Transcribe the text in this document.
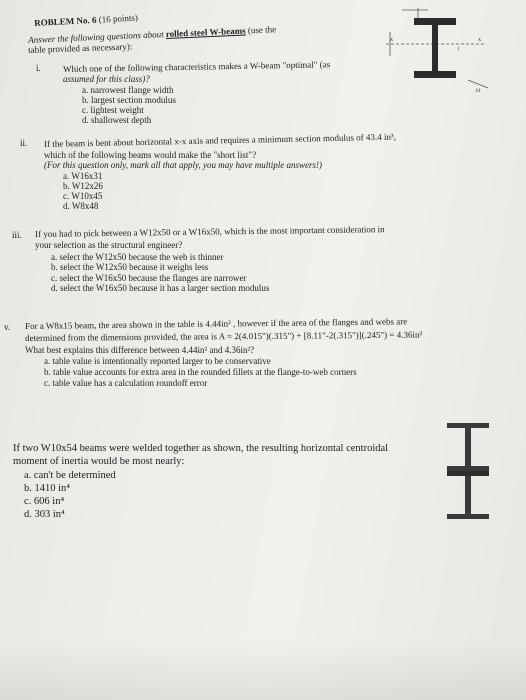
ROBLEM No. 6 (16 points)
Answer the following questions about rolled steel W-beams (use the
table provided as necessary):
i. Which one of the following characteristics makes a W-beam "optimal" (as
assumed for this class)?
a. narrowest flange width
b. largest section modulus
c. lightest weight
d. shallowest depth
x	x
t
bf
ii. If the beam is bent about horizontal x-x axis and requires a minimum section modulus of 43.4 in³,
which of the following beams would make the "short list"?
(For this question only, mark all that apply, you may have multiple answers!)
a. W16x31
b. W12x26
c. W10x45
d. W8x48
iii. If you had to pick between a W12x50 or a W16x50, which is the most important consideration in
your selection as the structural engineer?
a. select the W12x50 because the web is thinner
b. select the W12x50 because it weighs less
c. select the W16x50 because the flanges are narrower
d. select the W16x50 because it has a larger section modulus
v. For a W8x15 beam, the area shown in the table is 4.44in² , however if the area of the flanges and webs are
determined from the dimensions provided, the area is A = 2(4.015")(.315") + [8.11"-2(.315")](.245") = 4.36in²
What best explains this difference between 4.44in² and 4.36in²?
a. table value is intentionally reported larger to be conservative
b. table value accounts for extra area in the rounded fillets at the flange-to-web corners
c. table value has a calculation roundoff error
If two W10x54 beams were welded together as shown, the resulting horizontal centroidal
moment of inertia would be most nearly:
a. can't be determined
b. 1410 in⁴
c. 606 in⁴
d. 303 in⁴
